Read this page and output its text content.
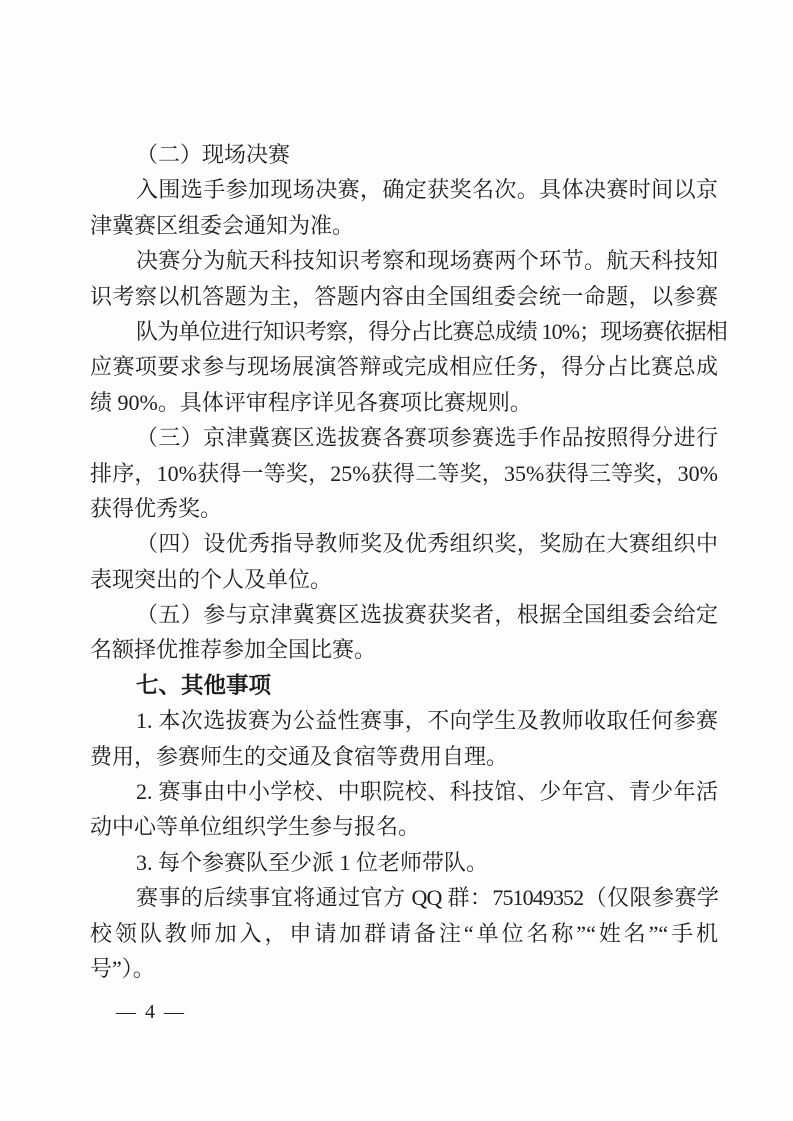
（二）现场决赛
入围选手参加现场决赛，确定获奖名次。具体决赛时间以京
津冀赛区组委会通知为准。
决赛分为航天科技知识考察和现场赛两个环节。航天科技知
识考察以机答题为主，答题内容由全国组委会统一命题，以参赛
队为单位进行知识考察，得分占比赛总成绩 10%；现场赛依据相
应赛项要求参与现场展演答辩或完成相应任务，得分占比赛总成
绩 90%。具体评审程序详见各赛项比赛规则。
（三）京津冀赛区选拔赛各赛项参赛选手作品按照得分进行
排序，10%获得一等奖，25%获得二等奖，35%获得三等奖，30%
获得优秀奖。
（四）设优秀指导教师奖及优秀组织奖，奖励在大赛组织中
表现突出的个人及单位。
（五）参与京津冀赛区选拔赛获奖者，根据全国组委会给定
名额择优推荐参加全国比赛。
七、其他事项
1. 本次选拔赛为公益性赛事，不向学生及教师收取任何参赛
费用，参赛师生的交通及食宿等费用自理。
2. 赛事由中小学校、中职院校、科技馆、少年宫、青少年活
动中心等单位组织学生参与报名。
3. 每个参赛队至少派 1 位老师带队。
赛事的后续事宜将通过官方 QQ 群：751049352（仅限参赛学
校领队教师加入，申请加群请备注“单位名称”“姓名”“手机
号”）。
— 4 —
